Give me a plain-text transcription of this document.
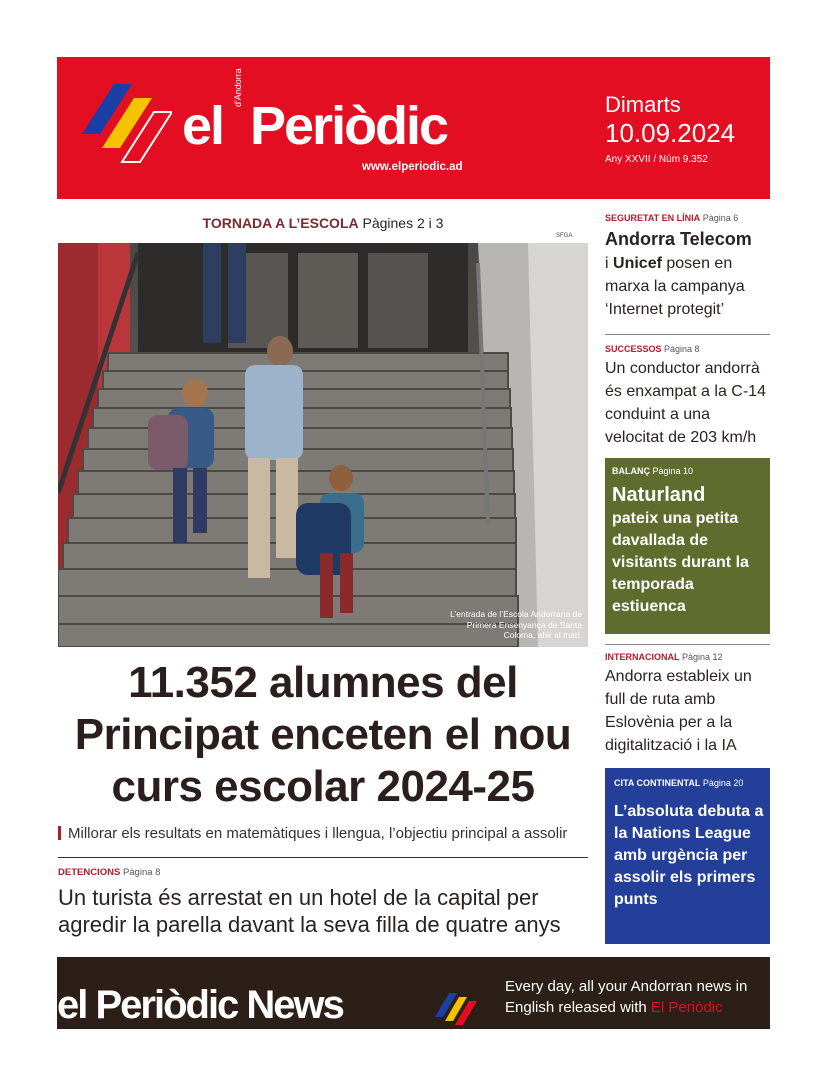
el
d'Andorra
Periòdic
www.elperiodic.ad
Dimarts
10.09.2024
Any XXVII / Núm 9.352
TORNADA A L’ESCOLA Pàgines 2 i 3
SFGA
L’entrada de l’Escola Andorrana de Primera Ensenyança de Santa Coloma, ahir al matí.
11.352 alumnes del Principat enceten el nou curs escolar 2024-25
Millorar els resultats en matemàtiques i llengua, l’objectiu principal a assolir
DETENCIONS Pàgina 8
Un turista és arrestat en un hotel de la capital per agredir la parella davant la seva filla de quatre anys
SEGURETAT EN LÍNIA Pàgina 6
Andorra Telecom
i Unicef posen en marxa la campanya ‘Internet protegit’
SUCCESSOS Pàgina 8
Un conductor andorrà és enxampat a la C-14 conduint a una velocitat de 203 km/h
BALANÇ Pàgina 10
Naturland
pateix una petita davallada de visitants durant la temporada estiuenca
INTERNACIONAL Pàgina 12
Andorra estableix un full de ruta amb Eslovènia per a la digitalització i la IA
CITA CONTINENTAL Pàgina 20
L’absoluta debuta a la Nations League amb urgència per assolir els primers punts
el Periòdic News	Every day, all your Andorran news in English released with El Periòdic
